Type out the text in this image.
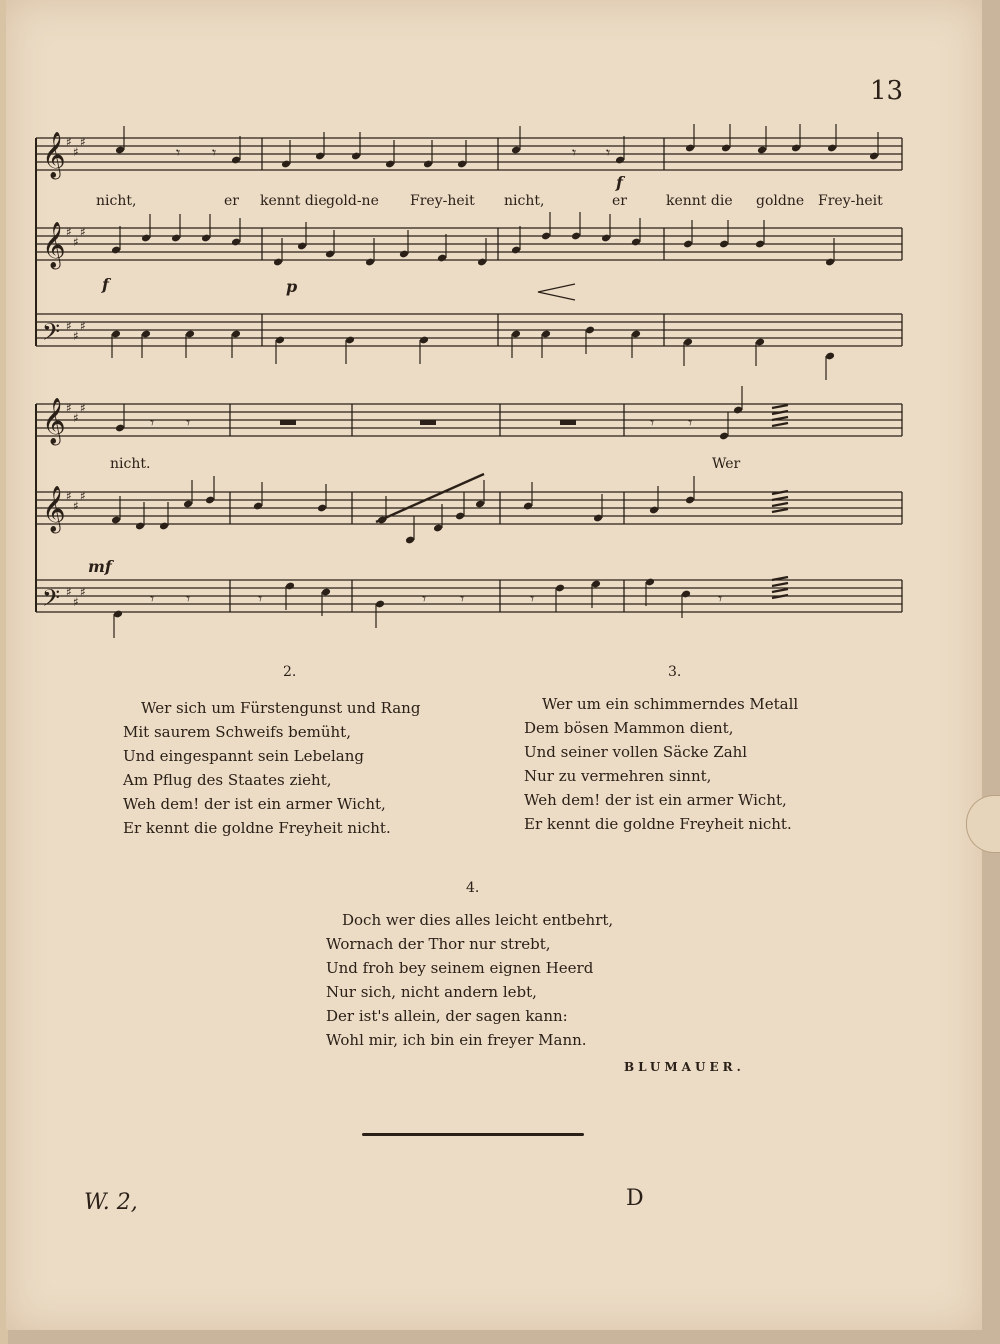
13
𝄞 ♯
♯
♯
𝄞 ♯
♯
♯
𝄢 ♯
♯
♯
𝄞 ♯
♯
♯
𝄞 ♯
♯
♯
𝄢 ♯
♯
♯
𝄾 𝄾	𝄾 𝄾
𝄾 𝄾	𝄾 𝄾
𝄾 𝄾	𝄾	𝄾 𝄾	𝄾	𝄾
nicht,	er kennt die gold-ne Frey-heit nicht,	er	kennt die goldne Frey-heit
nicht.	Wer
f	p
f
mf
2.
Wer sich um Fürstengunst und Rang
Mit saurem Schweifs bemüht,
Und eingespannt sein Lebelang
Am Pflug des Staates zieht,
Weh dem! der ist ein armer Wicht,
Er kennt die goldne Freyheit nicht.
3.
Wer um ein schimmerndes Metall
Dem bösen Mammon dient,
Und seiner vollen Säcke Zahl
Nur zu vermehren sinnt,
Weh dem! der ist ein armer Wicht,
Er kennt die goldne Freyheit nicht.
4.
Doch wer dies alles leicht entbehrt,
Wornach der Thor nur strebt,
Und froh bey seinem eignen Heerd
Nur sich, nicht andern lebt,
Der ist's allein, der sagen kann:
Wohl mir, ich bin ein freyer Mann.
BLUMAUER.
W. 2,	D
